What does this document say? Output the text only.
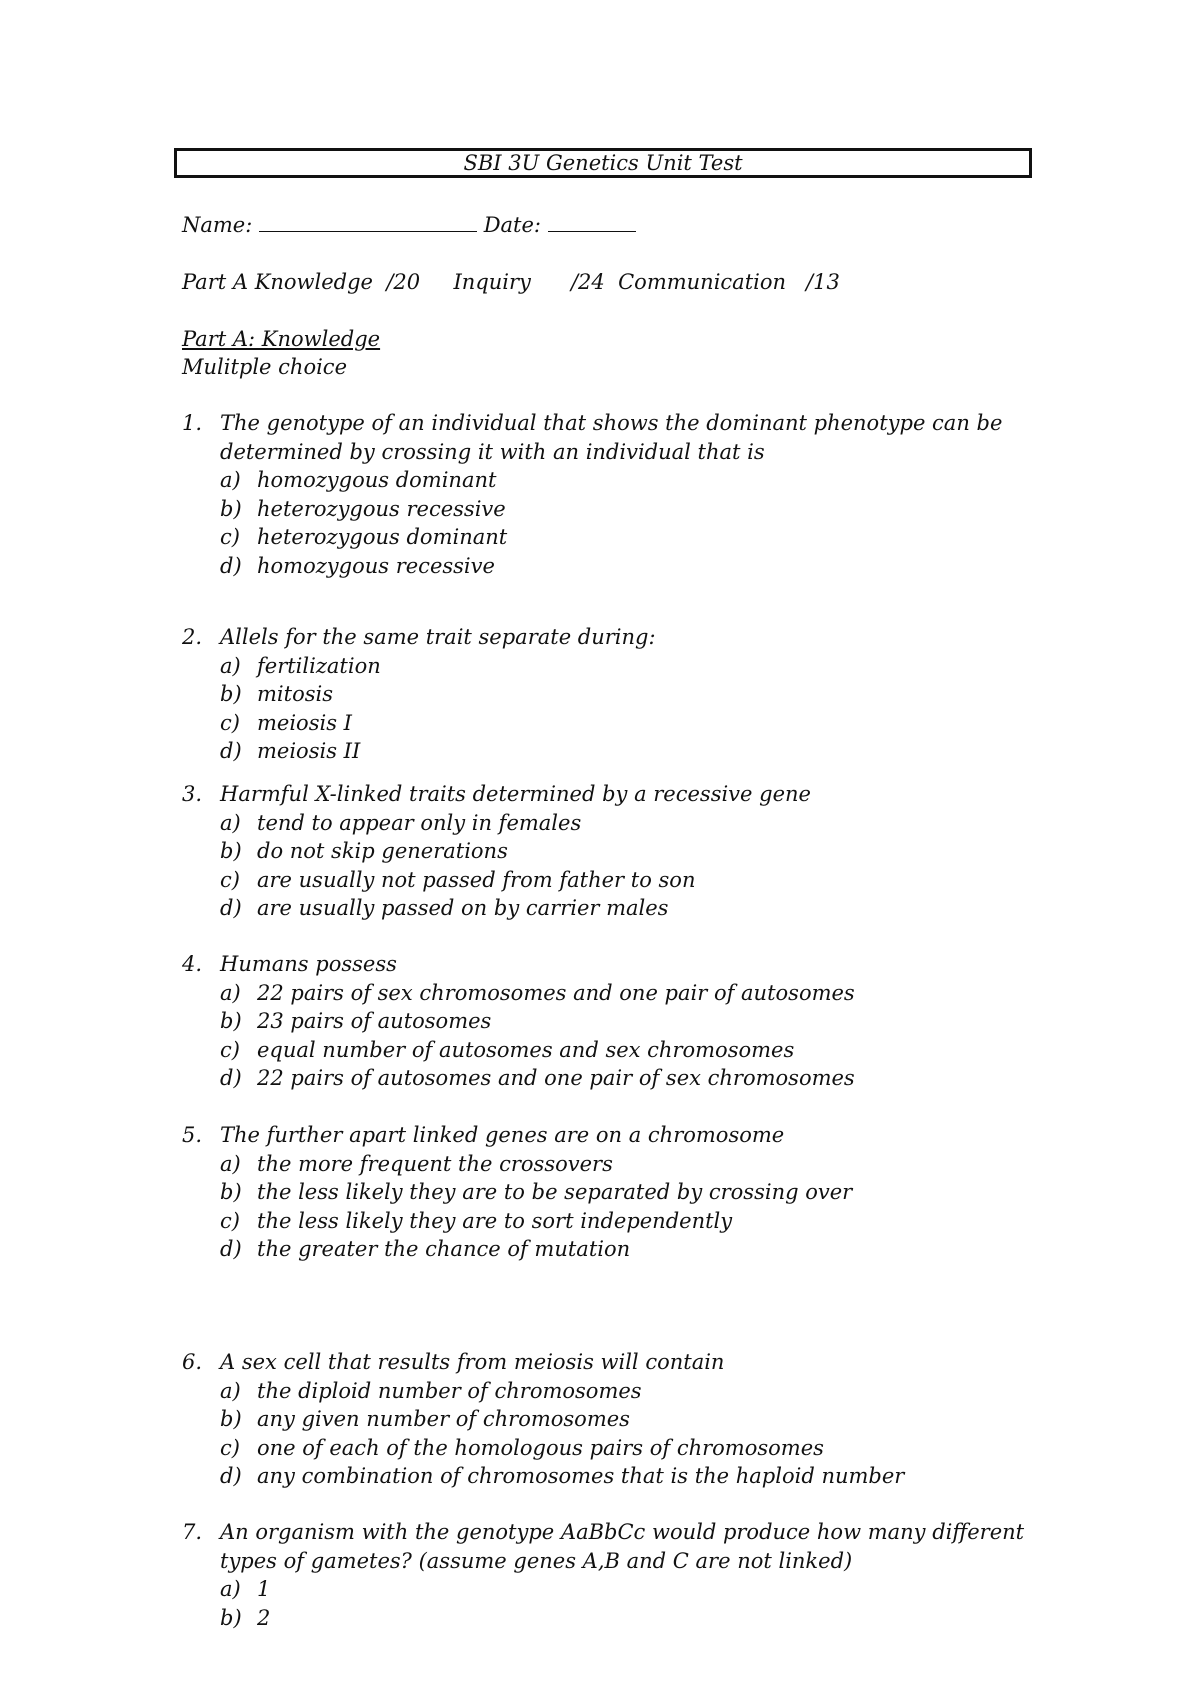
SBI 3U Genetics Unit Test
Name:	Date:
Part A Knowledge  /20     Inquiry      /24  Communication   /13
Part A: Knowledge
Mulitple choice
1. The genotype of an individual that shows the dominant phenotype can be
determined by crossing it with an individual that is
a) homozygous dominant
b) heterozygous recessive
c) heterozygous dominant
d) homozygous recessive
2. Allels for the same trait separate during:
a) fertilization
b) mitosis
c) meiosis I
d) meiosis II
3. Harmful X-linked traits determined by a recessive gene
a) tend to appear only in females
b) do not skip generations
c) are usually not passed from father to son
d) are usually passed on by carrier males
4. Humans possess
a) 22 pairs of sex chromosomes and one pair of autosomes
b) 23 pairs of autosomes
c) equal number of autosomes and sex chromosomes
d) 22 pairs of autosomes and one pair of sex chromosomes
5. The further apart linked genes are on a chromosome
a) the more frequent the crossovers
b) the less likely they are to be separated by crossing over
c) the less likely they are to sort independently
d) the greater the chance of mutation
6. A sex cell that results from meiosis will contain
a) the diploid number of chromosomes
b) any given number of chromosomes
c) one of each of the homologous pairs of chromosomes
d) any combination of chromosomes that is the haploid number
7. An organism with the genotype AaBbCc would produce how many different
types of gametes? (assume genes A,B and C are not linked)
a) 1
b) 2
